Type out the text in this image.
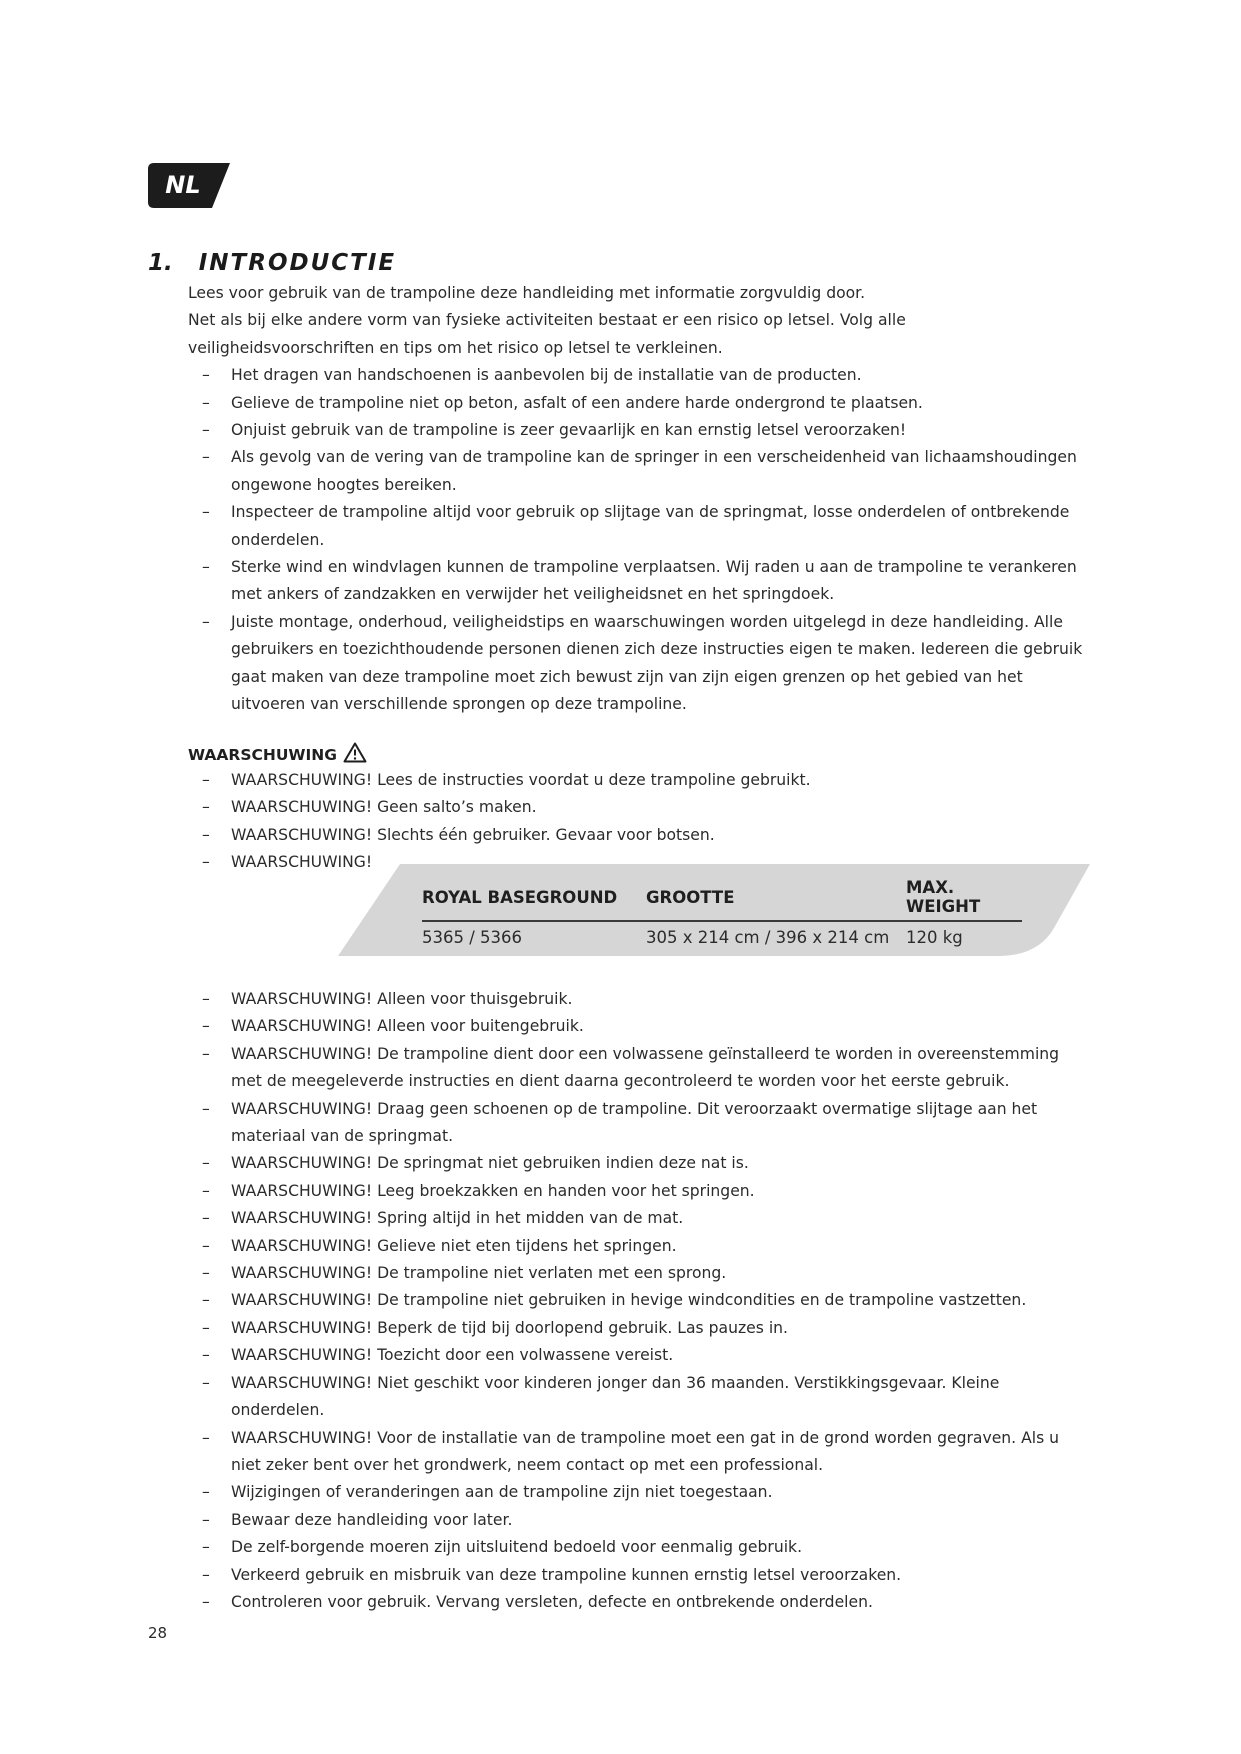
NL
1. INTRODUCTIE

Lees voor gebruik van de trampoline deze handleiding met informatie zorgvuldig door.

Net als bij elke andere vorm van fysieke activiteiten bestaat er een risico op letsel. Volg alle veiligheidsvoorschriften en tips om het risico op letsel te verkleinen.

– Het dragen van handschoenen is aanbevolen bij de installatie van de producten.
– Gelieve de trampoline niet op beton, asfalt of een andere harde ondergrond te plaatsen.
– Onjuist gebruik van de trampoline is zeer gevaarlijk en kan ernstig letsel veroorzaken!
– Als gevolg van de vering van de trampoline kan de springer in een verscheidenheid van lichaamshoudingen ongewone hoogtes bereiken.
– Inspecteer de trampoline altijd voor gebruik op slijtage van de springmat, losse onderdelen of ontbrekende onderdelen.
– Sterke wind en windvlagen kunnen de trampoline verplaatsen. Wij raden u aan de trampoline te verankeren met ankers of zandzakken en verwijder het veiligheidsnet en het springdoek.
– Juiste montage, onderhoud, veiligheidstips en waarschuwingen worden uitgelegd in deze handleiding. Alle gebruikers en toezichthoudende personen dienen zich deze instructies eigen te maken. Iedereen die gebruik gaat maken van deze trampoline moet zich bewust zijn van zijn eigen grenzen op het gebied van het uitvoeren van verschillende sprongen op deze trampoline.
WAARSCHUWING
– WAARSCHUWING! Lees de instructies voordat u deze trampoline gebruikt.
– WAARSCHUWING! Geen salto’s maken.
– WAARSCHUWING! Slechts één gebruiker. Gevaar voor botsen.
– WAARSCHUWING!
ROYAL BASEGROUND	GROOTTE	MAX. WEIGHT
5365 / 5366	305 x 214 cm / 396 x 214 cm	120 kg
– WAARSCHUWING! Alleen voor thuisgebruik.
– WAARSCHUWING! Alleen voor buitengebruik.
– WAARSCHUWING! De trampoline dient door een volwassene geïnstalleerd te worden in overeenstemming met de meegeleverde instructies en dient daarna gecontroleerd te worden voor het eerste gebruik.
– WAARSCHUWING! Draag geen schoenen op de trampoline. Dit veroorzaakt overmatige slijtage aan het materiaal van de springmat.
– WAARSCHUWING! De springmat niet gebruiken indien deze nat is.
– WAARSCHUWING! Leeg broekzakken en handen voor het springen.
– WAARSCHUWING! Spring altijd in het midden van de mat.
– WAARSCHUWING! Gelieve niet eten tijdens het springen.
– WAARSCHUWING! De trampoline niet verlaten met een sprong.
– WAARSCHUWING! De trampoline niet gebruiken in hevige windcondities en de trampoline vastzetten.
– WAARSCHUWING! Beperk de tijd bij doorlopend gebruik. Las pauzes in.
– WAARSCHUWING! Toezicht door een volwassene vereist.
– WAARSCHUWING! Niet geschikt voor kinderen jonger dan 36 maanden. Verstikkingsgevaar. Kleine onderdelen.
– WAARSCHUWING! Voor de installatie van de trampoline moet een gat in de grond worden gegraven. Als u niet zeker bent over het grondwerk, neem contact op met een professional.
– Wijzigingen of veranderingen aan de trampoline zijn niet toegestaan.
– Bewaar deze handleiding voor later.
– De zelf-borgende moeren zijn uitsluitend bedoeld voor eenmalig gebruik.
– Verkeerd gebruik en misbruik van deze trampoline kunnen ernstig letsel veroorzaken.
– Controleren voor gebruik. Vervang versleten, defecte en ontbrekende onderdelen.
28
